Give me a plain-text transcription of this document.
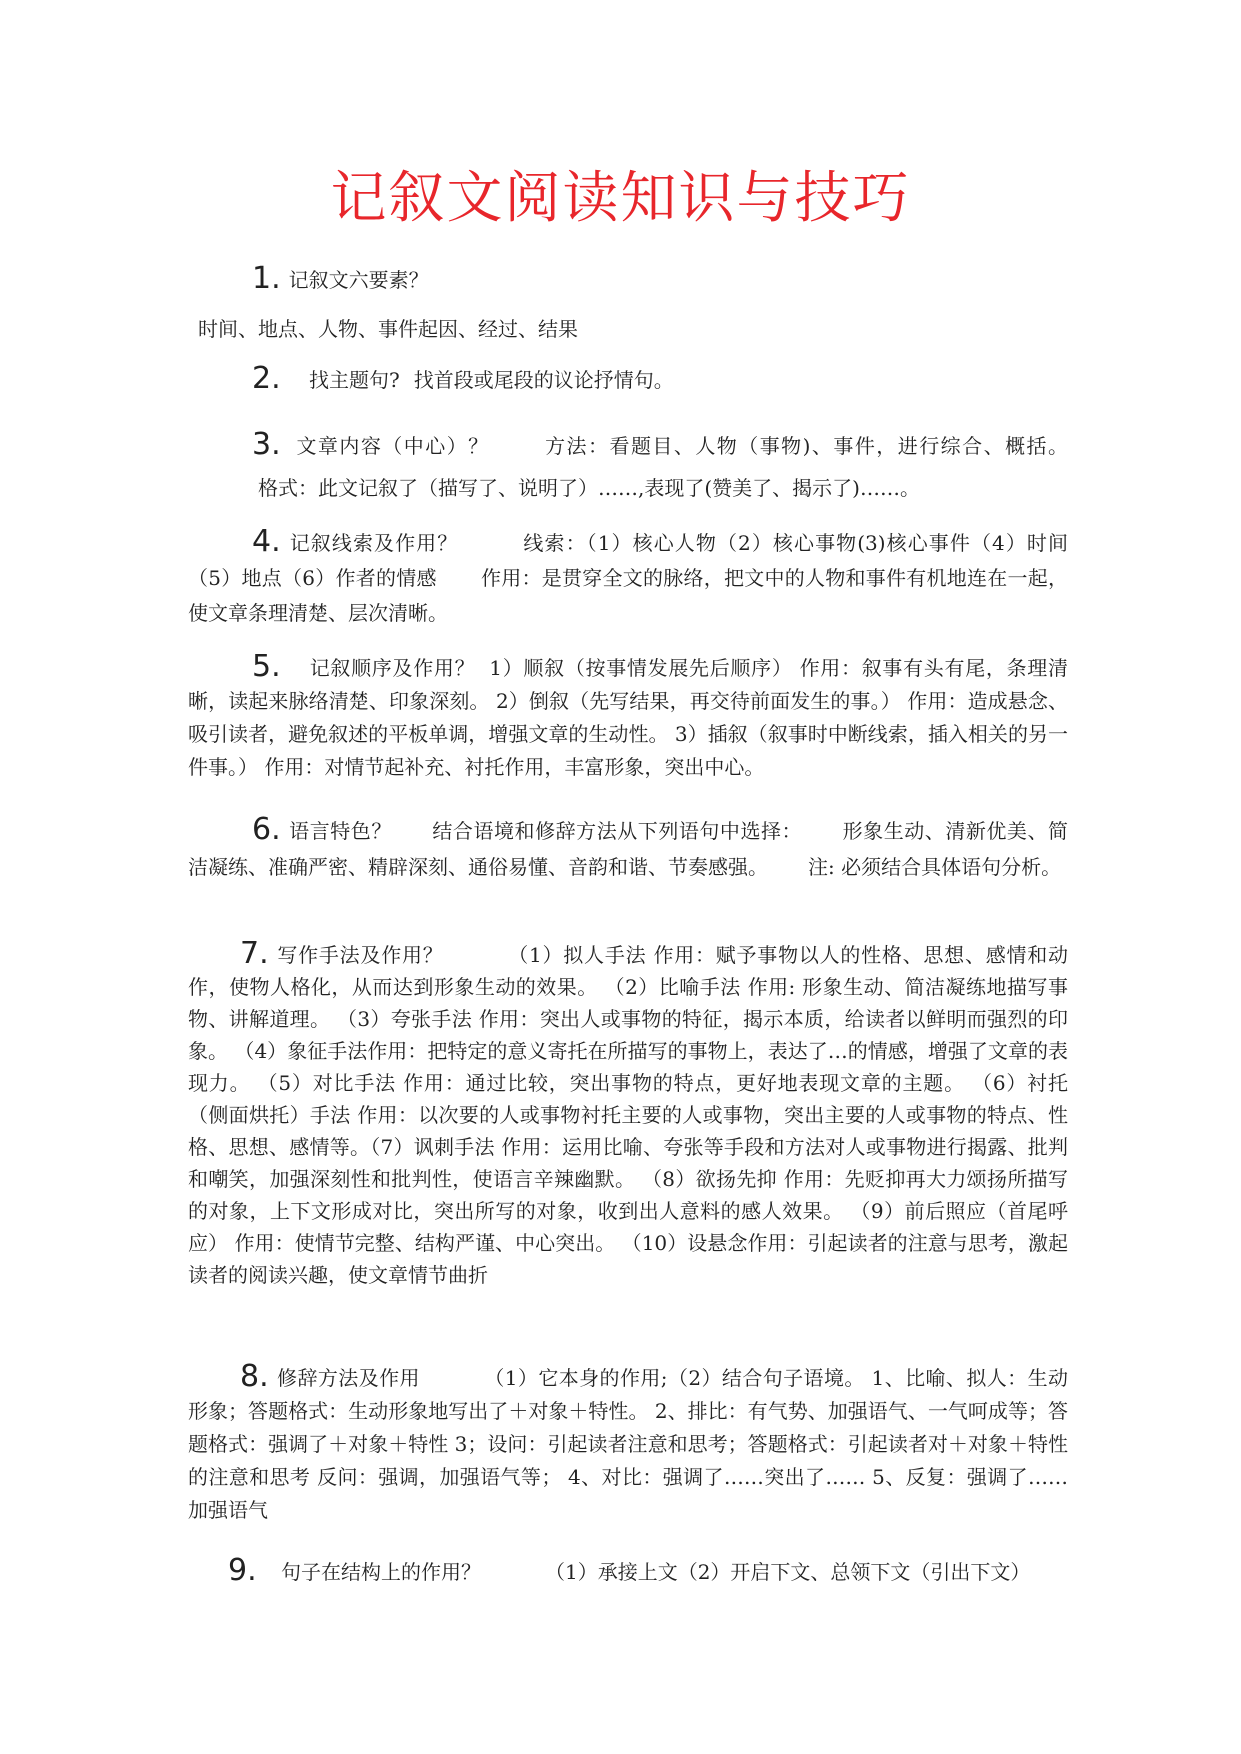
记叙文阅读知识与技巧
1. 记叙文六要素？
时间、地点、人物、事件起因、经过、结果
2. 找主题句? 找首段或尾段的议论抒情句。
3. 文章内容（中心）？	方法：看题目、人物（事物)、事件，进行综合、概括。格式：此文记叙了（描写了、说明了）……,表现了(赞美了、揭示了)……。
4. 记叙线索及作用？	线索：（1）核心人物（2）核心事物(3)核心事件（4）时间（5）地点（6）作者的情感 作用：是贯穿全文的脉络，把文中的人物和事件有机地连在一起，使文章条理清楚、层次清晰。
5. 记叙顺序及作用？ 1）顺叙（按事情发展先后顺序） 作用：叙事有头有尾，条理清晰，读起来脉络清楚、印象深刻。 2）倒叙（先写结果，再交待前面发生的事。） 作用：造成悬念、吸引读者，避免叙述的平板单调，增强文章的生动性。 3）插叙（叙事时中断线索，插入相关的另一件事。） 作用：对情节起补充、衬托作用，丰富形象，突出中心。
6. 语言特色？ 结合语境和修辞方法从下列语句中选择： 形象生动、清新优美、简洁凝练、准确严密、精辟深刻、通俗易懂、音韵和谐、节奏感强。 注: 必须结合具体语句分析。
7. 写作手法及作用？	（1）拟人手法 作用：赋予事物以人的性格、思想、感情和动作，使物人格化，从而达到形象生动的效果。 （2）比喻手法 作用: 形象生动、简洁凝练地描写事物、讲解道理。 （3）夸张手法 作用：突出人或事物的特征，揭示本质，给读者以鲜明而强烈的印象。 （4）象征手法作用：把特定的意义寄托在所描写的事物上，表达了…的情感，增强了文章的表现力。 （5）对比手法 作用：通过比较，突出事物的特点，更好地表现文章的主题。 （6）衬托（侧面烘托）手法 作用：以次要的人或事物衬托主要的人或事物，突出主要的人或事物的特点、性格、思想、感情等。（7）讽刺手法 作用：运用比喻、夸张等手段和方法对人或事物进行揭露、批判和嘲笑，加强深刻性和批判性，使语言辛辣幽默。 （8）欲扬先抑 作用：先贬抑再大力颂扬所描写的对象，上下文形成对比，突出所写的对象，收到出人意料的感人效果。 （9）前后照应（首尾呼应） 作用：使情节完整、结构严谨、中心突出。 （10）设悬念作用：引起读者的注意与思考，激起读者的阅读兴趣，使文章情节曲折
8. 修辞方法及作用	（1）它本身的作用;（2）结合句子语境。 1、比喻、拟人：生动形象；答题格式：生动形象地写出了＋对象＋特性。 2、排比：有气势、加强语气、一气呵成等；答题格式：强调了＋对象＋特性 3；设问：引起读者注意和思考；答题格式：引起读者对＋对象＋特性的注意和思考 反问：强调，加强语气等； 4、对比：强调了……突出了…… 5、反复：强调了……加强语气
9. 句子在结构上的作用？	（1）承接上文（2）开启下文、总领下文（引出下文）
